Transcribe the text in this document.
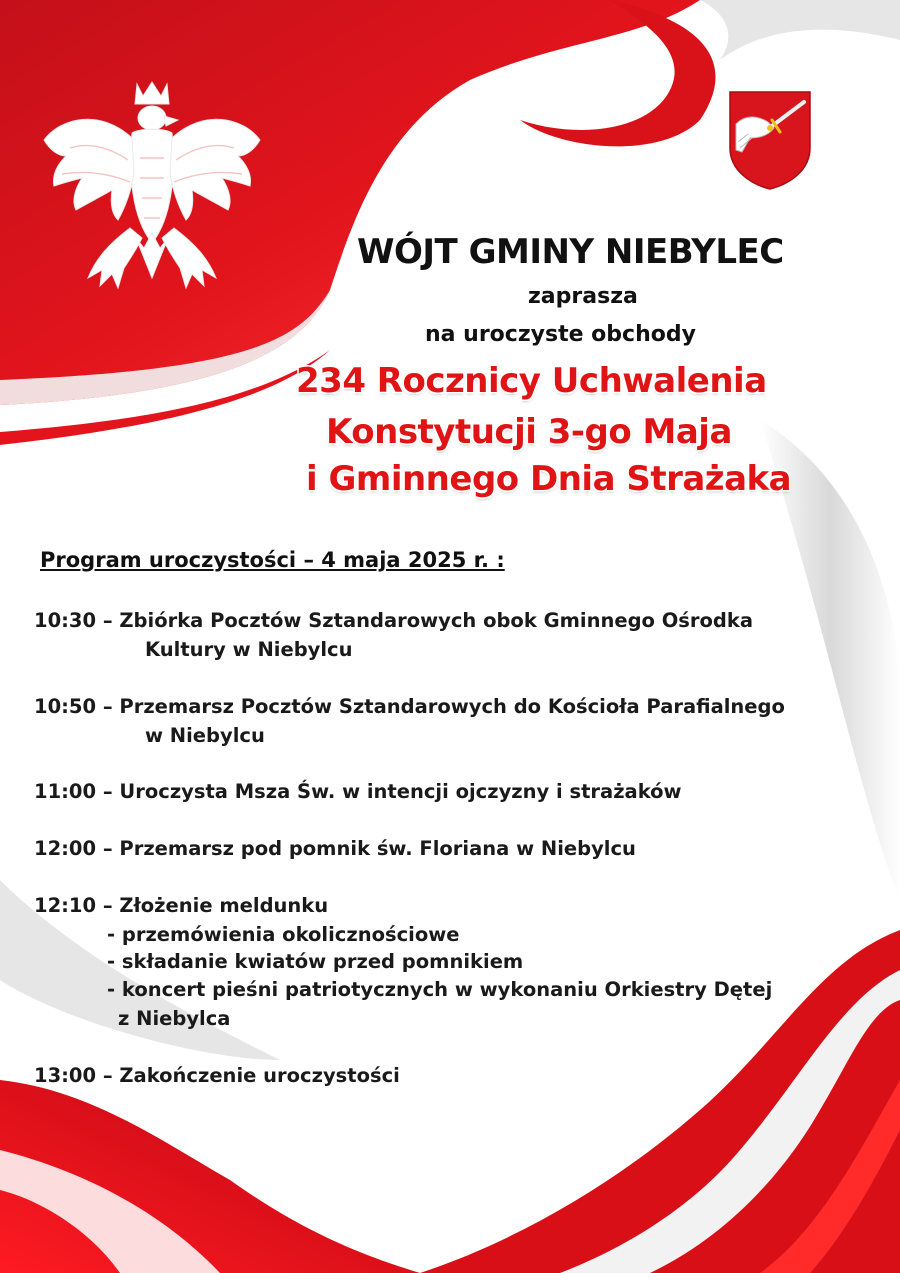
WÓJT GMINY NIEBYLEC
zaprasza
na uroczyste obchody
234 Rocznicy Uchwalenia
Konstytucji 3-go Maja
i Gminnego Dnia Strażaka
Program uroczystości – 4 maja 2025 r. :
10:30 – Zbiórka Pocztów Sztandarowych obok Gminnego Ośrodka
Kultury w Niebylcu
10:50 – Przemarsz Pocztów Sztandarowych do Kościoła Parafialnego
w Niebylcu
11:00 – Uroczysta Msza Św. w intencji ojczyzny i strażaków
12:00 – Przemarsz pod pomnik św. Floriana w Niebylcu
12:10 – Złożenie meldunku
- przemówienia okolicznościowe
- składanie kwiatów przed pomnikiem
- koncert pieśni patriotycznych w wykonaniu Orkiestry Dętej
z Niebylca
13:00 – Zakończenie uroczystości
